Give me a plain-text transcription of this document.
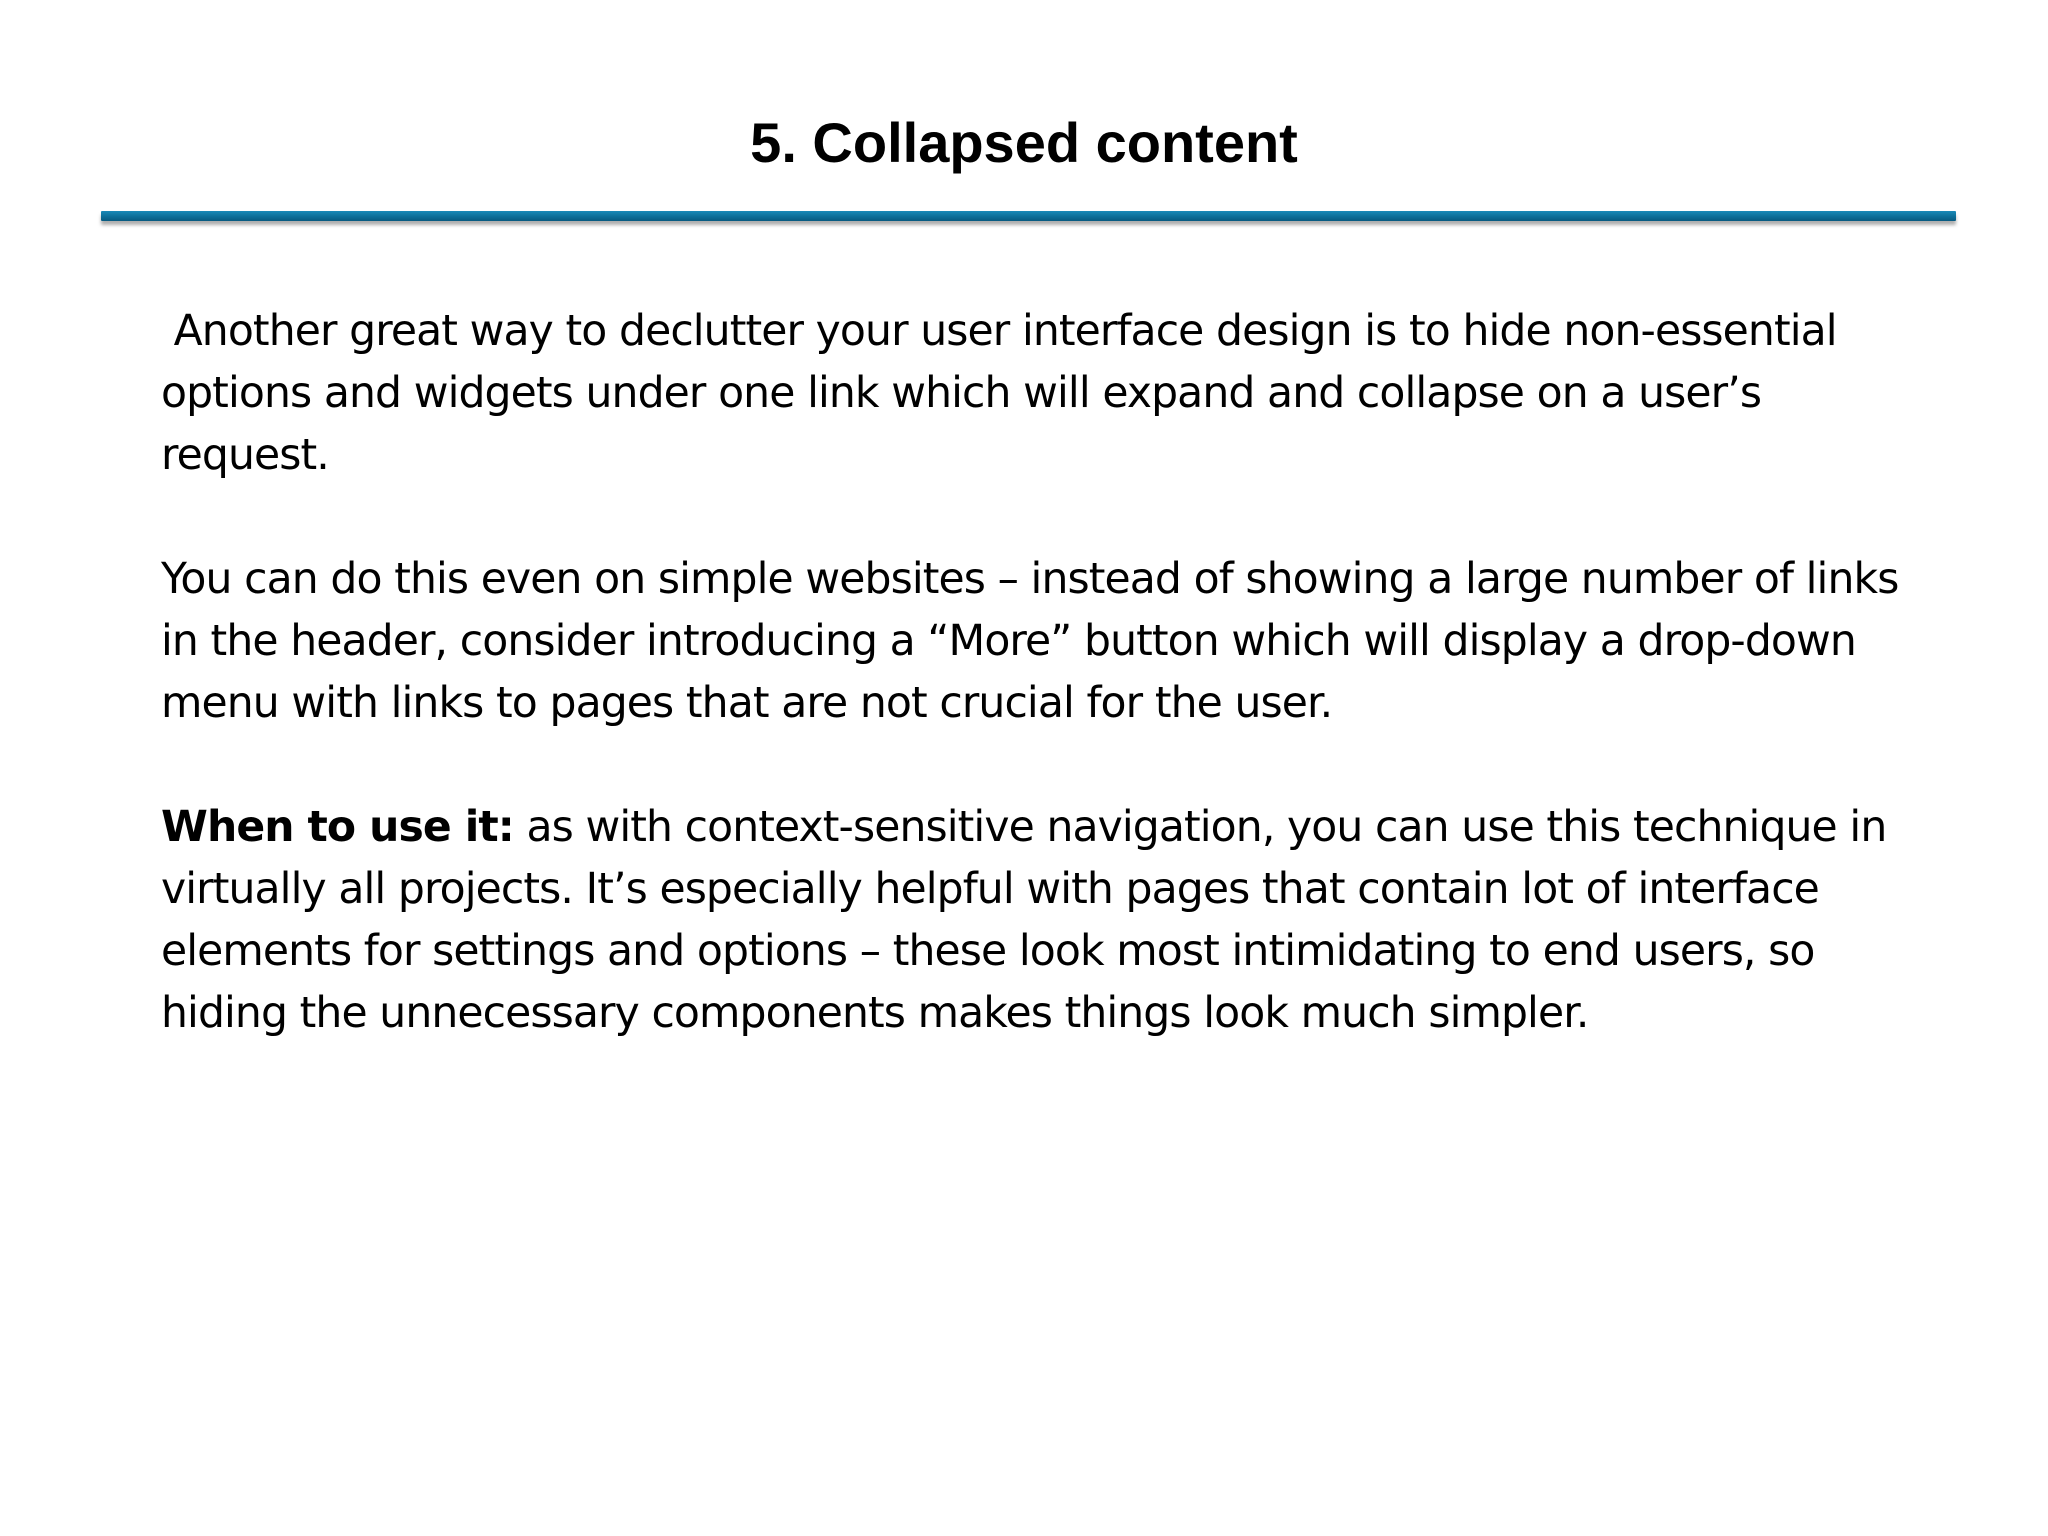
5. Collapsed content

Another great way to declutter your user interface design is to hide non-essential options and widgets under one link which will expand and collapse on a user’s request.

You can do this even on simple websites – instead of showing a large number of links in the header, consider introducing a “More” button which will display a drop-down menu with links to pages that are not crucial for the user.

When to use it: as with context-sensitive navigation, you can use this technique in virtually all projects. It’s especially helpful with pages that contain lot of interface elements for settings and options – these look most intimidating to end users, so hiding the unnecessary components makes things look much simpler.
